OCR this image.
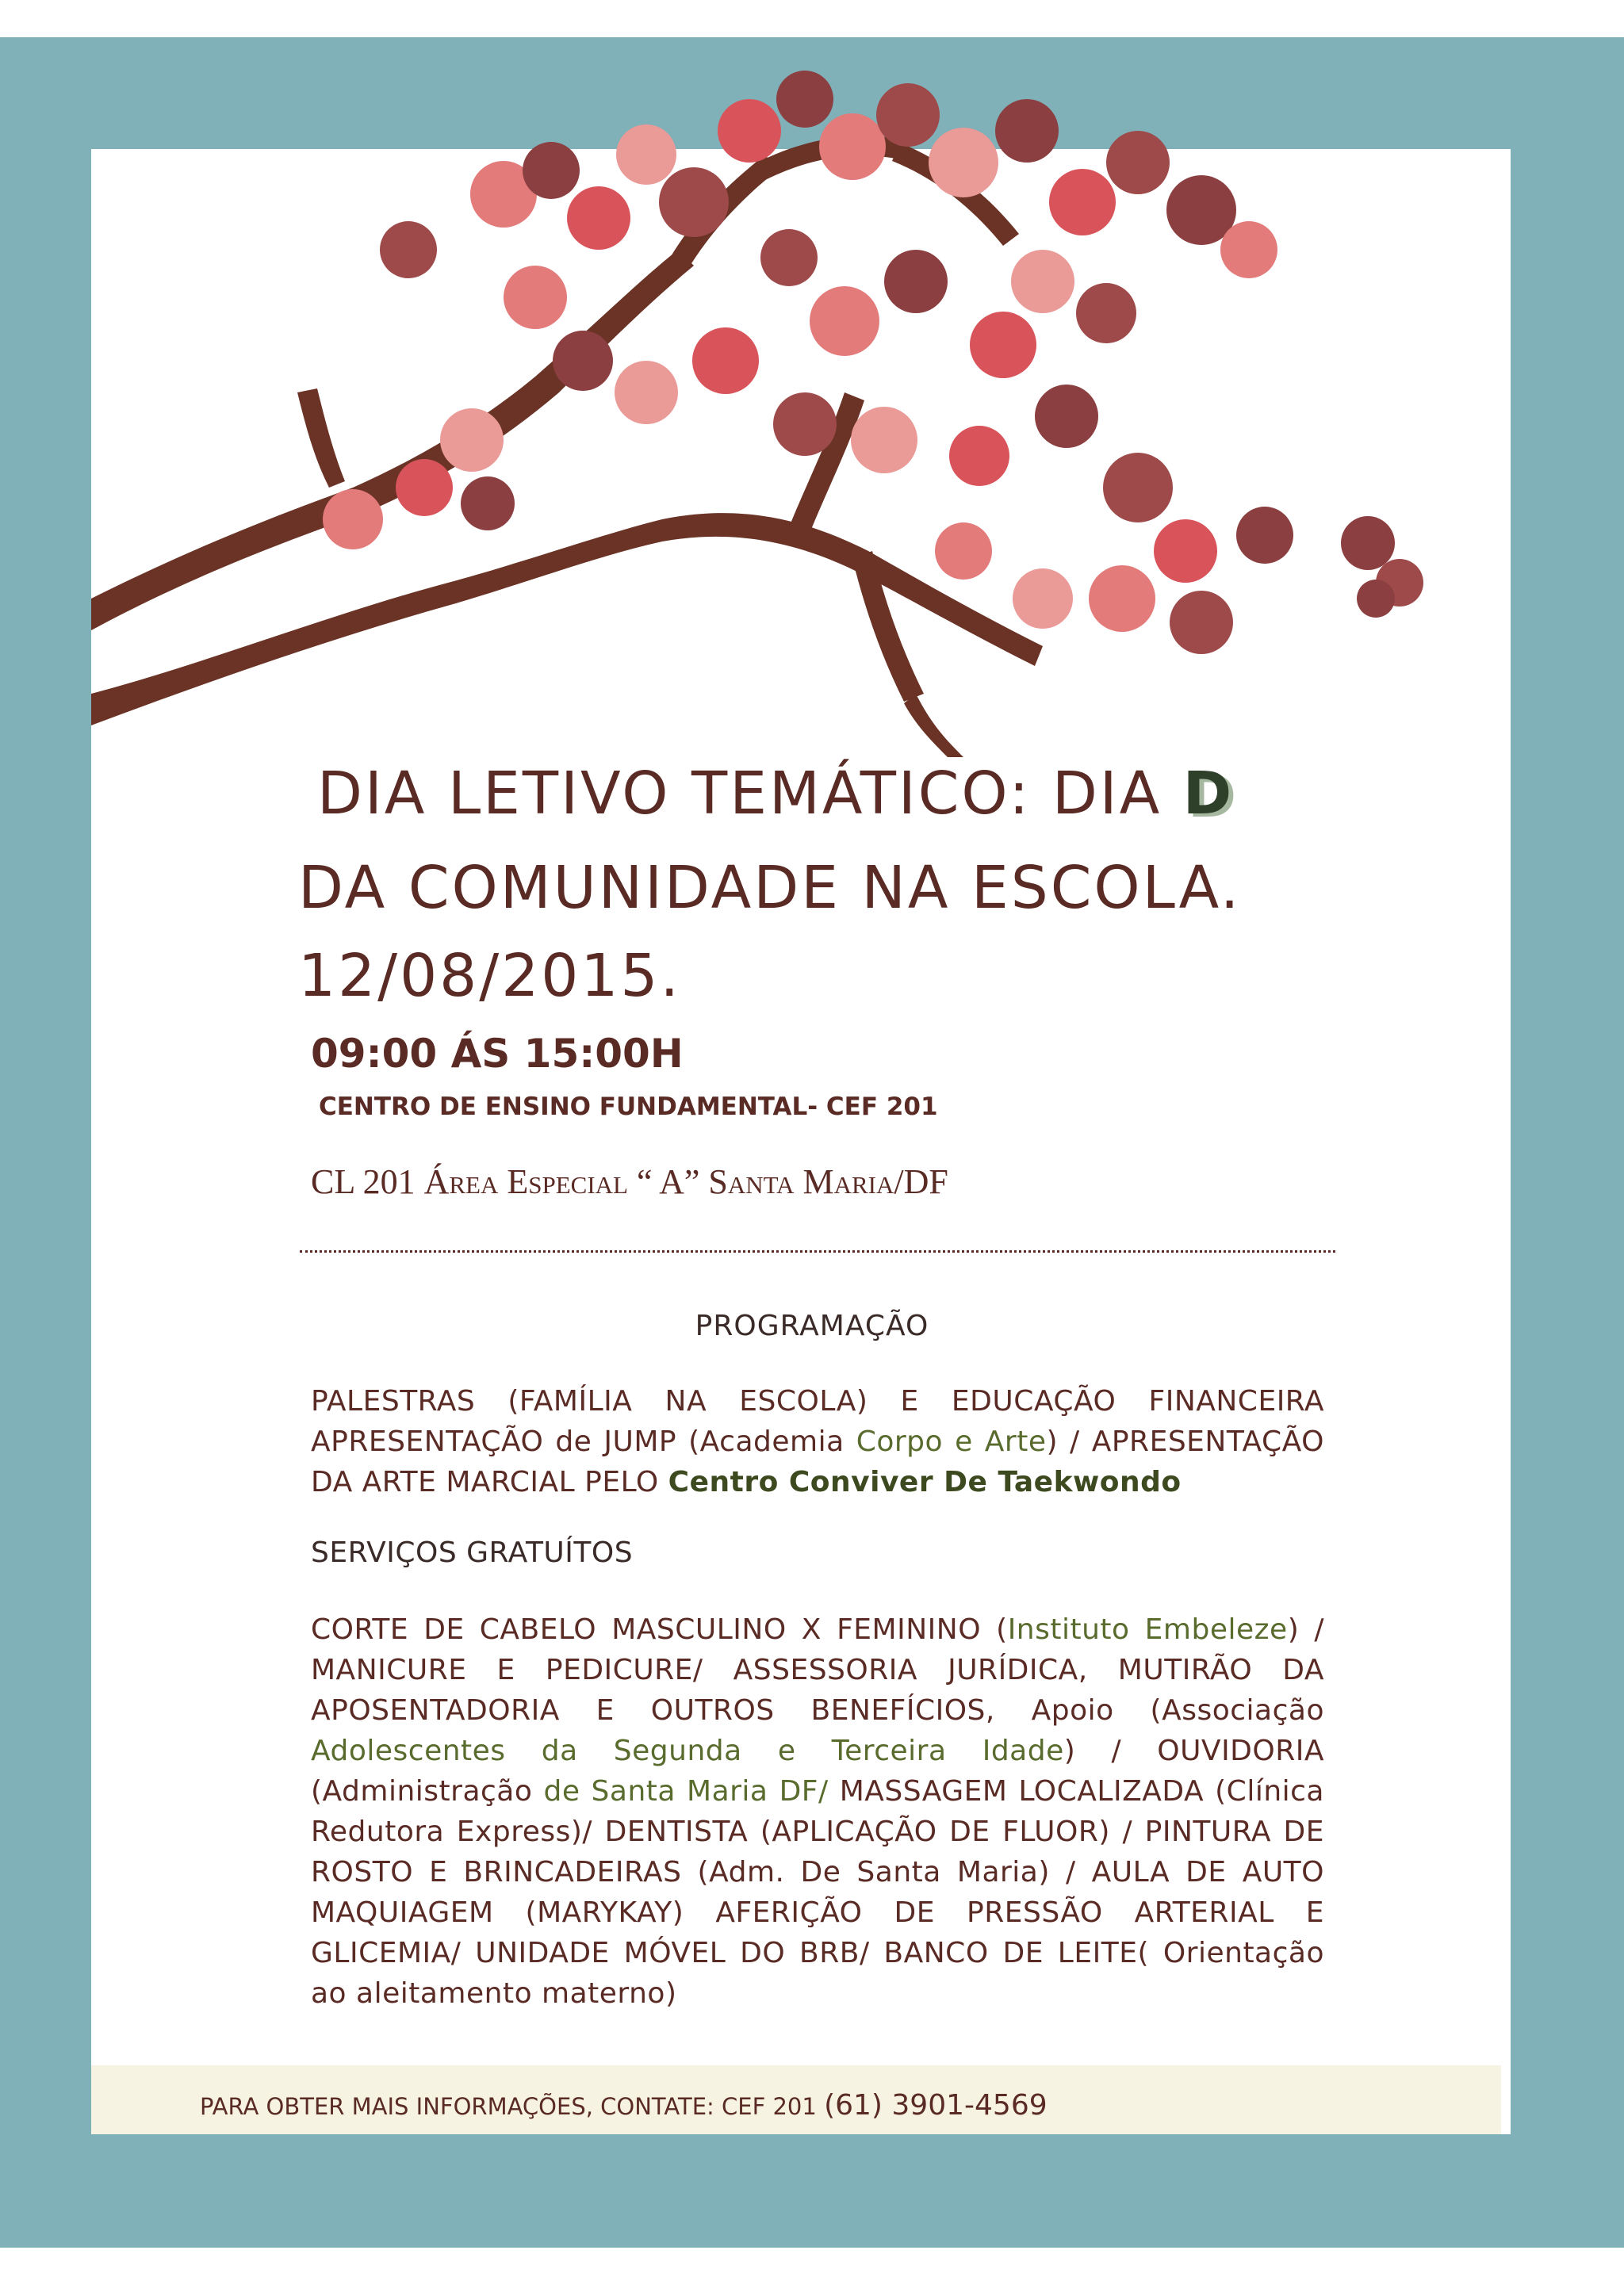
DIA LETIVO TEMÁTICO: DIA D
DA COMUNIDADE NA ESCOLA.
12/08/2015.
09:00 ÁS 15:00H
CENTRO DE ENSINO FUNDAMENTAL- CEF 201
CL 201 Área Especial “ A” Santa Maria/DF
PROGRAMAÇÃO
PALESTRAS (FAMÍLIA NA ESCOLA) E EDUCAÇÃO FINANCEIRA APRESENTAÇÃO de JUMP (Academia Corpo e Arte) / APRESENTAÇÃO DA ARTE MARCIAL PELO Centro Conviver De Taekwondo
SERVIÇOS GRATUÍTOS
CORTE DE CABELO MASCULINO X FEMININO (Instituto Embeleze) / MANICURE E PEDICURE/ ASSESSORIA JURÍDICA, MUTIRÃO DA APOSENTADORIA E OUTROS BENEFÍCIOS, Apoio (Associação Adolescentes da Segunda e Terceira Idade) / OUVIDORIA (Administração de Santa Maria DF/ MASSAGEM LOCALIZADA (Clínica Redutora Express)/ DENTISTA (APLICAÇÃO DE FLUOR) / PINTURA DE ROSTO E BRINCADEIRAS (Adm. De Santa Maria) / AULA DE AUTO MAQUIAGEM (MARYKAY) AFERIÇÃO DE PRESSÃO ARTERIAL E GLICEMIA/ UNIDADE MÓVEL DO BRB/ BANCO DE LEITE( Orientação ao aleitamento materno)
PARA OBTER MAIS INFORMAÇÕES, CONTATE: CEF 201 (61) 3901-4569
